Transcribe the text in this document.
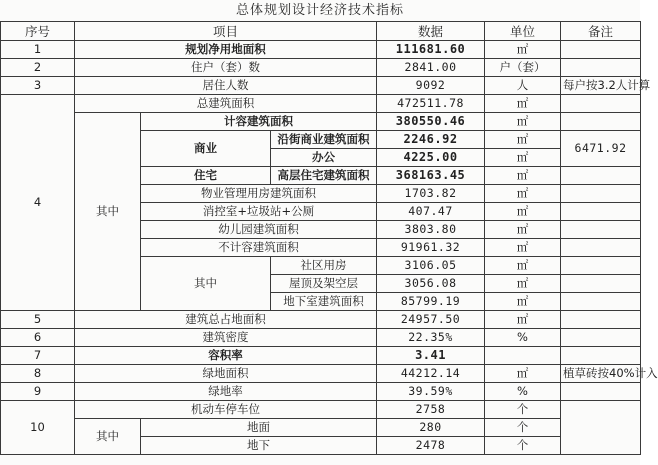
总体规划设计经济技术指标
序号	项目			数据	单位	备注
1	规划净用地面积			111681.60	㎡	
2	住户（套）数			2841.00	户（套）	
3	居住人数			9092	人	每户按3.2人计算
4	总建筑面积			472511.78	㎡	
	其中	计容建筑面积		380550.46	㎡	
		商业	沿街商业建筑面积	2246.92	㎡	6471.92
			办公	4225.00	㎡	
		住宅	高层住宅建筑面积	368163.45	㎡	
		物业管理用房建筑面积		1703.82	㎡	
		消控室+垃圾站+公厕		407.47	㎡	
		幼儿园建筑面积		3803.80	㎡	
		不计容建筑面积		91961.32	㎡	
		其中	社区用房	3106.05	㎡	
			屋顶及架空层	3056.08	㎡	
			地下室建筑面积	85799.19	㎡	
5	建筑总占地面积			24957.50	㎡	
6	建筑密度			22.35%	%	
7	容积率			3.41		
8	绿地面积			44212.14	㎡	植草砖按40%计入
9	绿地率			39.59%	%	
10	机动车停车位			2758	个	
	其中	地面		280	个	
		地下		2478	个	
